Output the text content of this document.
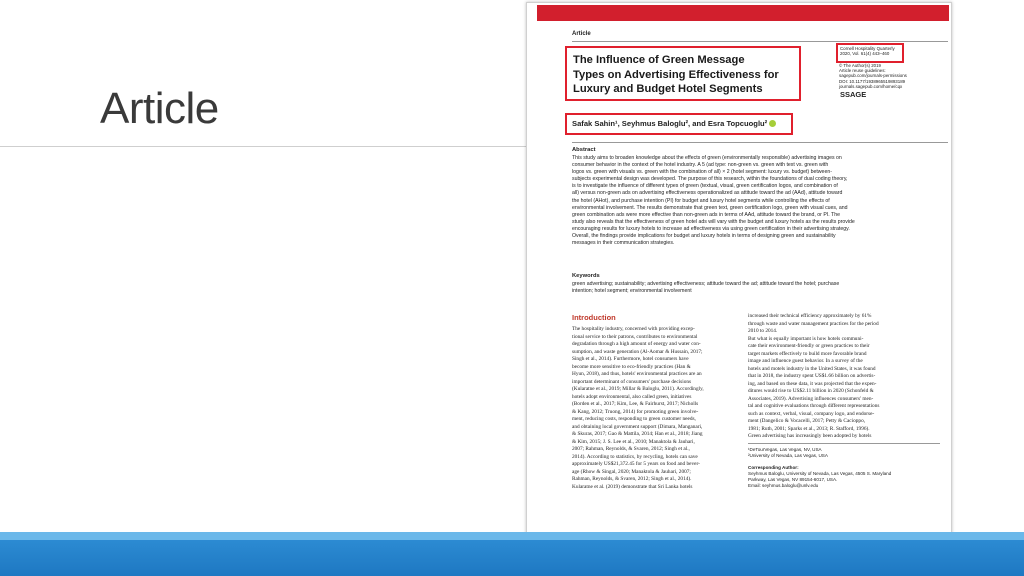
Article
Article
The Influence of Green Message
Types on Advertising Effectiveness for
Luxury and Budget Hotel Segments
Cornell Hospitality Quarterly
2020, Vol. 61(4) 443–460
© The Author(s) 2019
Article reuse guidelines:
sagepub.com/journals-permissions
DOI: 10.1177/1938965519893189
journals.sagepub.com/home/cqx
SSAGE
Safak Sahin¹, Seyhmus Baloglu², and Esra Topcuoglu²
Abstract
This study aims to broaden knowledge about the effects of green (environmentally responsible) advertising images on
consumer behavior in the context of the hotel industry. A 5 (ad type: non-green vs. green with text vs. green with
logos vs. green with visuals vs. green with the combination of all) × 2 (hotel segment: luxury vs. budget) between-
subjects experimental design was developed. The purpose of this research, within the foundations of dual coding theory,
is to investigate the influence of different types of green (textual, visual, green certification logos, and combination of
all) versus non-green ads on advertising effectiveness operationalized as attitude toward the ad (AAd), attitude toward
the hotel (AHot), and purchase intention (PI) for budget and luxury hotel segments while controlling the effects of
environmental involvement. The results demonstrate that green text, green certification logo, green with visual cues, and
green combination ads were more effective than non-green ads in terms of AAd, attitude toward the brand, or PI. The
study also reveals that the effectiveness of green hotel ads will vary with the budget and luxury hotels as the results provide
encouraging results for luxury hotels to increase ad effectiveness via using green certification in their advertising strategy.
Overall, the findings provide implications for budget and luxury hotels in terms of designing green and sustainability
messages in their communication strategies.
Keywords
green advertising; sustainability; advertising effectiveness; attitude toward the ad; attitude toward the hotel; purchase
intention; hotel segment; environmental involvement
Introduction
The hospitality industry, concerned with providing excep-
tional service to their patrons, contributes to environmental
degradation through a high amount of energy and water con-
sumption, and waste generation (Al-Aomar & Hussain, 2017;
Singh et al., 2014). Furthermore, hotel consumers have
become more sensitive to eco-friendly practices (Han &
Hyun, 2018), and thus, hotels' environmental practices are an
important determinant of consumers' purchase decisions
(Kularatne et al., 2019; Millar & Baloglu, 2011). Accordingly,
hotels adopt environmental, also called green, initiatives
(Borden et al., 2017; Kim, Lee, & Fairhurst, 2017; Nicholls
& Kang, 2012; Truong, 2014) for promoting green involve-
ment, reducing costs, responding to green customer needs,
and obtaining local government support (Dimara, Manganari,
& Skuras, 2017; Gao & Mattila, 2014; Han et al., 2018; Jiang
& Kim, 2015; J. S. Lee et al., 2010; Manaktola & Jauhari,
2007; Rahman, Reynolds, & Svaren, 2012; Singh et al.,
2014). According to statistics, by recycling, hotels can save
approximately US$21,372.45 for 5 years on food and bever-
age (Rhow & Singal, 2020; Manaktola & Jauhari, 2007;
Rahman, Reynolds, & Svaren, 2012; Singh et al., 2014).
Kularatne et al. (2019) demonstrate that Sri Lanka hotels
increased their technical efficiency approximately by 61%
through waste and water management practices for the period
2010 to 2014.
But what is equally important is how hotels communi-
cate their environment-friendly or green practices to their
target markets effectively to build more favorable brand
image and influence guest behavior. In a survey of the
hotels and motels industry in the United States, it was found
that in 2018, the industry spent US$1.66 billion on advertis-
ing, and based on these data, it was projected that the expen-
ditures would rise to US$2.11 billion in 2020 (Schonfeld &
Associates, 2019). Advertising influences consumers' men-
tal and cognitive evaluations through different representations
such as context, verbal, visual, company logo, and endorse-
ment (Dangelico & Vocacelli, 2017; Petty & Cacioppo,
1981; Ruth, 2001; Sparks et al., 2013; R. Stafford, 1996).
Green advertising has increasingly been adopted by hotels
¹DeTourVegas, Las Vegas, NV, USA
²University of Nevada, Las Vegas, USA
Corresponding Author:
Seyhmus Baloglu, University of Nevada, Las Vegas, 4505 S. Maryland
Parkway, Las Vegas, NV 89154-6017, USA.
Email: seyhmus.baloglu@unlv.edu
